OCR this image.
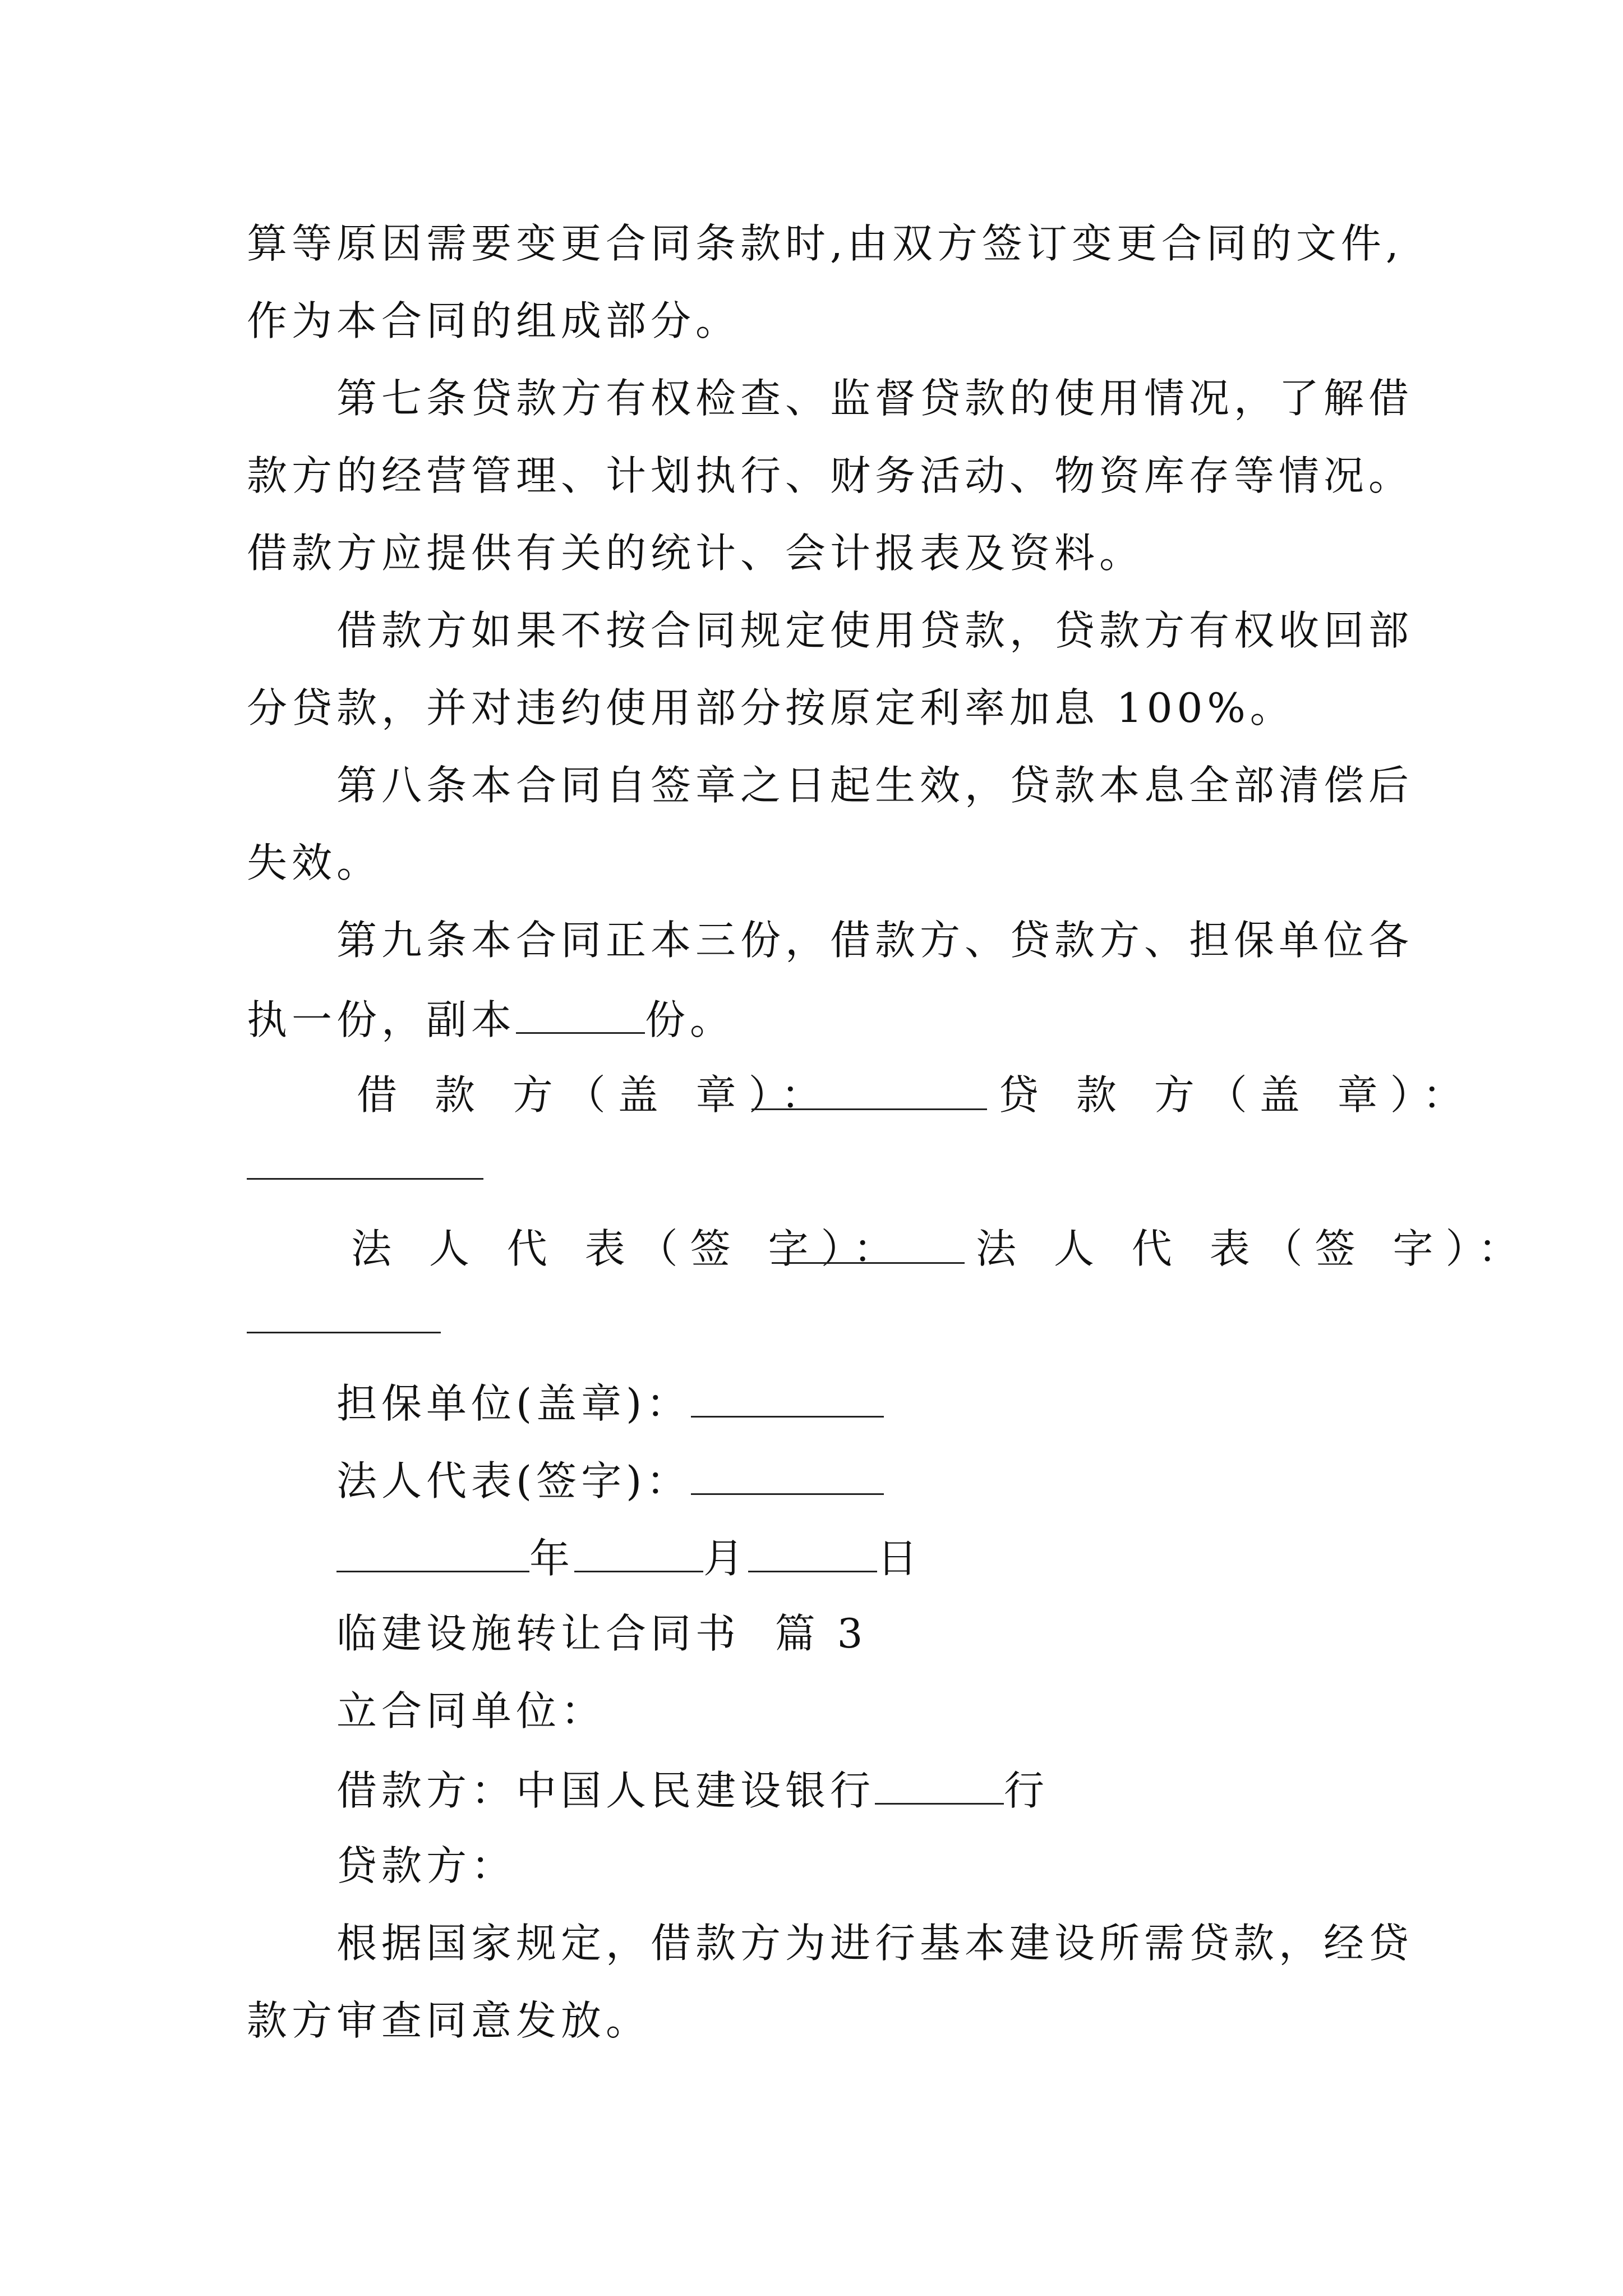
算等原因需要变更合同条款时,由双方签订变更合同的文件,
作为本合同的组成部分。
第七条贷款方有权检查、监督贷款的使用情况，了解借
款方的经营管理、计划执行、财务活动、物资库存等情况。
借款方应提供有关的统计、会计报表及资料。
借款方如果不按合同规定使用贷款，贷款方有权收回部
分贷款，并对违约使用部分按原定利率加息 100%。
第八条本合同自签章之日起生效，贷款本息全部清偿后
失效。
第九条本合同正本三份，借款方、贷款方、担保单位各
执一份，副本	份。
借 款 方（盖 章）：	贷 款 方（盖 章）：
法 人 代 表（签 字）： 法 人 代 表（签 字）：
担保单位(盖章)：
法人代表(签字)：
年	月	日
临建设施转让合同书  篇 3
立合同单位：
借款方：中国人民建设银行	行
贷款方：
根据国家规定，借款方为进行基本建设所需贷款，经贷
款方审查同意发放。
